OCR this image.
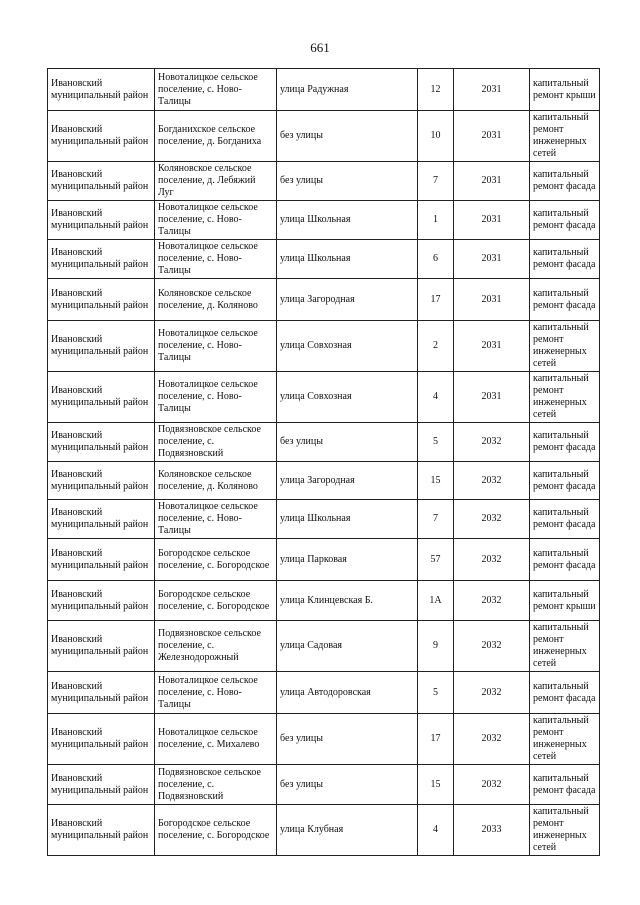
661
Ивановский муниципальный район	Новоталицкое сельское поселение, с. Ново-Талицы	улица Радужная	12	2031	капитальный ремонт крыши
Ивановский муниципальный район	Богданихское сельское поселение, д. Богданиха	без улицы	10	2031	капитальный ремонт инженерных сетей
Ивановский муниципальный район	Коляновское сельское поселение, д. Лебяжий Луг	без улицы	7	2031	капитальный ремонт фасада
Ивановский муниципальный район	Новоталицкое сельское поселение, с. Ново-Талицы	улица Школьная	1	2031	капитальный ремонт фасада
Ивановский муниципальный район	Новоталицкое сельское поселение, с. Ново-Талицы	улица Школьная	6	2031	капитальный ремонт фасада
Ивановский муниципальный район	Коляновское сельское поселение, д. Коляново	улица Загородная	17	2031	капитальный ремонт фасада
Ивановский муниципальный район	Новоталицкое сельское поселение, с. Ново-Талицы	улица Совхозная	2	2031	капитальный ремонт инженерных сетей
Ивановский муниципальный район	Новоталицкое сельское поселение, с. Ново-Талицы	улица Совхозная	4	2031	капитальный ремонт инженерных сетей
Ивановский муниципальный район	Подвязновское сельское поселение, с. Подвязновский	без улицы	5	2032	капитальный ремонт фасада
Ивановский муниципальный район	Коляновское сельское поселение, д. Коляново	улица Загородная	15	2032	капитальный ремонт фасада
Ивановский муниципальный район	Новоталицкое сельское поселение, с. Ново-Талицы	улица Школьная	7	2032	капитальный ремонт фасада
Ивановский муниципальный район	Богородское сельское поселение, с. Богородское	улица Парковая	57	2032	капитальный ремонт фасада
Ивановский муниципальный район	Богородское сельское поселение, с. Богородское	улица Клинцевская Б.	1А	2032	капитальный ремонт крыши
Ивановский муниципальный район	Подвязновское сельское поселение, с. Железнодорожный	улица Садовая	9	2032	капитальный ремонт инженерных сетей
Ивановский муниципальный район	Новоталицкое сельское поселение, с. Ново-Талицы	улица Автодоровская	5	2032	капитальный ремонт фасада
Ивановский муниципальный район	Новоталицкое сельское поселение, с. Михалево	без улицы	17	2032	капитальный ремонт инженерных сетей
Ивановский муниципальный район	Подвязновское сельское поселение, с. Подвязновский	без улицы	15	2032	капитальный ремонт фасада
Ивановский муниципальный район	Богородское сельское поселение, с. Богородское	улица Клубная	4	2033	капитальный ремонт инженерных сетей
